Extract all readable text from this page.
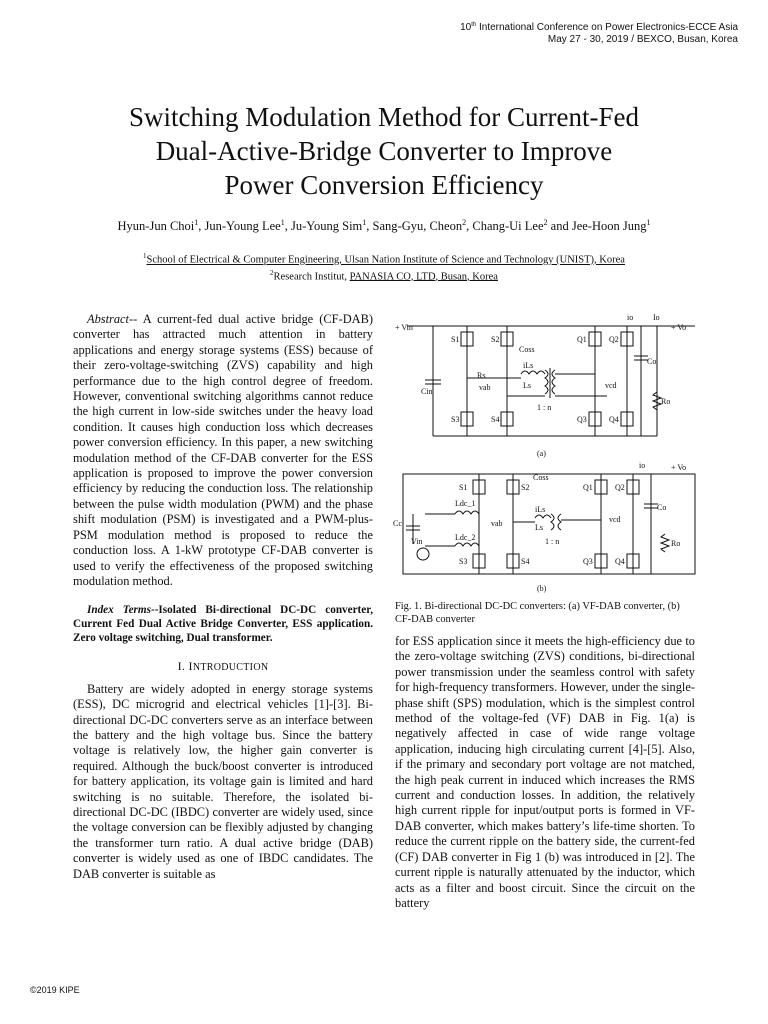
10th International Conference on Power Electronics-ECCE Asia
May 27 - 30, 2019 / BEXCO, Busan, Korea
Switching Modulation Method for Current-Fed
Dual-Active-Bridge Converter to Improve
Power Conversion Efficiency
Hyun-Jun Choi$^1$, Jun-Young Lee$^1$, Ju-Young Sim$^1$, Sang-Gyu, Cheon$^2$, Chang-Ui Lee$^2$ and Jee-Hoon Jung$^1$
$^1$School of Electrical & Computer Engineering, Ulsan Nation Institute of Science and Technology (UNIST), Korea
$^2$Research Institut, PANASIA CO, LTD, Busan, Korea

Abstract-- A current-fed dual active bridge (CF-DAB) converter has attracted much attention in battery applications and energy storage systems (ESS) because of their zero-voltage-switching (ZVS) capability and high performance due to the high control degree of freedom. However, conventional switching algorithms cannot reduce the high current in low-side switches under the heavy load condition. It causes high conduction loss which decreases power conversion efficiency. In this paper, a new switching modulation method of the CF-DAB converter for the ESS application is proposed to improve the power conversion efficiency by reducing the conduction loss. The relationship between the pulse width modulation (PWM) and the phase shift modulation (PSM) is investigated and a PWM-plus-PSM modulation method is proposed to reduce the conduction loss. A 1-kW prototype CF-DAB converter is used to verify the effectiveness of the proposed switching modulation method.

Index Terms--Isolated Bi-directional DC-DC converter, Current Fed Dual Active Bridge Converter, ESS application. Zero voltage switching, Dual transformer.

I. INTRODUCTION

Battery are widely adopted in energy storage systems (ESS), DC microgrid and electrical vehicles [1]-[3]. Bi-directional DC-DC converters serve as an interface between the battery and the high voltage bus. Since the battery voltage is relatively low, the higher gain converter is required. Although the buck/boost converter is introduced for battery application, its voltage gain is limited and hard switching is no suitable. Therefore, the isolated bi-directional DC-DC (IBDC) converter are widely used, since the voltage conversion can be flexibly adjusted by changing the transformer turn ratio. A dual active bridge (DAB) converter is widely used as one of IBDC candidates. The DAB converter is suitable as

+ Vin	+ Vo
Cin
Co
Ro
io Io
Coss
iLs
Ls
vab	vcd
1 : n
S1	S2
S3	S4
Q1	Q2
Q3	Q4
Rs
(a)
Cc
Vin
Ldc_1
Ldc_2
Coss
iLs
Ls
vab	vcd
1 : n
Co
Ro
io	+ Vo
S1	S2
S3	S4
Q1	Q2
Q3	Q4
(b)
Fig. 1. Bi-directional DC-DC converters: (a) VF-DAB converter, (b) CF-DAB converter

for ESS application since it meets the high-efficiency due to the zero-voltage switching (ZVS) conditions, bi-directional power transmission under the seamless control with safety for high-frequency transformers. However, under the single-phase shift (SPS) modulation, which is the simplest control method of the voltage-fed (VF) DAB in Fig. 1(a) is negatively affected in case of wide range voltage application, inducing high circulating current [4]-[5]. Also, if the primary and secondary port voltage are not matched, the high peak current in induced which increases the RMS current and conduction losses. In addition, the relatively high current ripple for input/output ports is formed in VF-DAB converter, which makes battery’s life-time shorten. To reduce the current ripple on the battery side, the current-fed (CF) DAB converter in Fig 1 (b) was introduced in [2]. The current ripple is naturally attenuated by the inductor, which acts as a filter and boost circuit. Since the circuit on the battery

©2019 KIPE
